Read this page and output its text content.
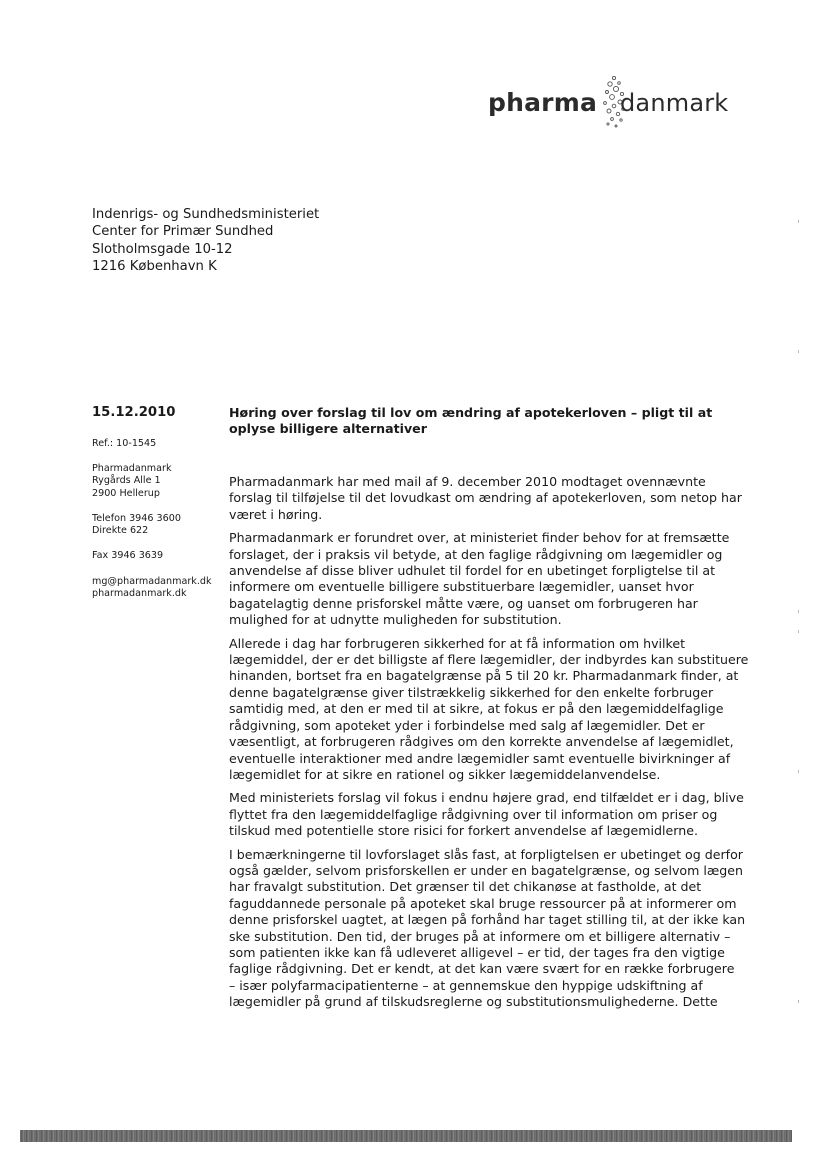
pharma danmark
Indenrigs- og Sundhedsministeriet
Center for Primær Sundhed
Slotholmsgade 10-12
1216 København K
15.12.2010
Ref.: 10-1545
Pharmadanmark
Rygårds Alle 1
2900 Hellerup
Telefon 3946 3600
Direkte 622
Fax 3946 3639
mg@pharmadanmark.dk
pharmadanmark.dk
Høring over forslag til lov om ændring af apotekerloven – pligt til at
oplyse billigere alternativer
Pharmadanmark har med mail af 9. december 2010 modtaget ovennævnte
forslag til tilføjelse til det lovudkast om ændring af apotekerloven, som netop har
været i høring.
Pharmadanmark er forundret over, at ministeriet finder behov for at fremsætte
forslaget, der i praksis vil betyde, at den faglige rådgivning om lægemidler og
anvendelse af disse bliver udhulet til fordel for en ubetinget forpligtelse til at
informere om eventuelle billigere substituerbare lægemidler, uanset hvor
bagatelagtig denne prisforskel måtte være, og uanset om forbrugeren har
mulighed for at udnytte muligheden for substitution.
Allerede i dag har forbrugeren sikkerhed for at få information om hvilket
lægemiddel, der er det billigste af flere lægemidler, der indbyrdes kan substituere
hinanden, bortset fra en bagatelgrænse på 5 til 20 kr. Pharmadanmark finder, at
denne bagatelgrænse giver tilstrækkelig sikkerhed for den enkelte forbruger
samtidig med, at den er med til at sikre, at fokus er på den lægemiddelfaglige
rådgivning, som apoteket yder i forbindelse med salg af lægemidler. Det er
væsentligt, at forbrugeren rådgives om den korrekte anvendelse af lægemidlet,
eventuelle interaktioner med andre lægemidler samt eventuelle bivirkninger af
lægemidlet for at sikre en rationel og sikker lægemiddelanvendelse.
Med ministeriets forslag vil fokus i endnu højere grad, end tilfældet er i dag, blive
flyttet fra den lægemiddelfaglige rådgivning over til information om priser og
tilskud med potentielle store risici for forkert anvendelse af lægemidlerne.
I bemærkningerne til lovforslaget slås fast, at forpligtelsen er ubetinget og derfor
også gælder, selvom prisforskellen er under en bagatelgrænse, og selvom lægen
har fravalgt substitution. Det grænser til det chikanøse at fastholde, at det
faguddannede personale på apoteket skal bruge ressourcer på at informerer om
denne prisforskel uagtet, at lægen på forhånd har taget stilling til, at der ikke kan
ske substitution. Den tid, der bruges på at informere om et billigere alternativ –
som patienten ikke kan få udleveret alligevel – er tid, der tages fra den vigtige
faglige rådgivning. Det er kendt, at det kan være svært for en række forbrugere
– især polyfarmacipatienterne – at gennemskue den hyppige udskiftning af
lægemidler på grund af tilskudsreglerne og substitutionsmulighederne. Dette
